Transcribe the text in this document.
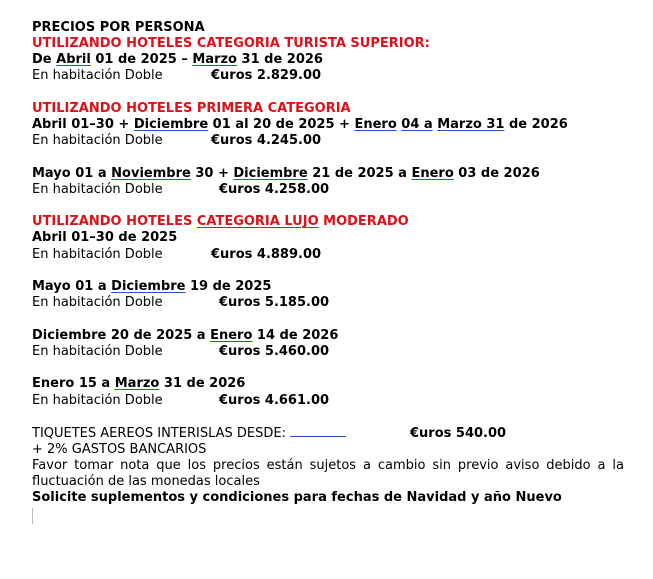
PRECIOS POR PERSONA
UTILIZANDO HOTELES CATEGORIA TURISTA SUPERIOR:
De Abril 01 de 2025 – Marzo 31 de 2026
En habitación Doble	€uros 2.829.00
UTILIZANDO HOTELES PRIMERA CATEGORIA
Abril 01–30 + Diciembre 01 al 20 de 2025 + Enero 04 a Marzo 31 de 2026
En habitación Doble	€uros 4.245.00
Mayo 01 a Noviembre 30 + Diciembre 21 de 2025 a Enero 03 de 2026
En habitación Doble	€uros 4.258.00
UTILIZANDO HOTELES CATEGORIA LUJO MODERADO
Abril 01–30 de 2025
En habitación Doble	€uros 4.889.00
Mayo 01 a Diciembre 19 de 2025
En habitación Doble	€uros 5.185.00
Diciembre 20 de 2025 a Enero 14 de 2026
En habitación Doble	€uros 5.460.00
Enero 15 a Marzo 31 de 2026
En habitación Doble	€uros 4.661.00
TIQUETES AEREOS INTERISLAS DESDE:	€uros 540.00
+ 2% GASTOS BANCARIOS
Favor tomar nota que los precios están sujetos a cambio sin previo aviso debido a la fluctuación de las monedas locales
Solicite suplementos y condiciones para fechas de Navidad y año Nuevo
